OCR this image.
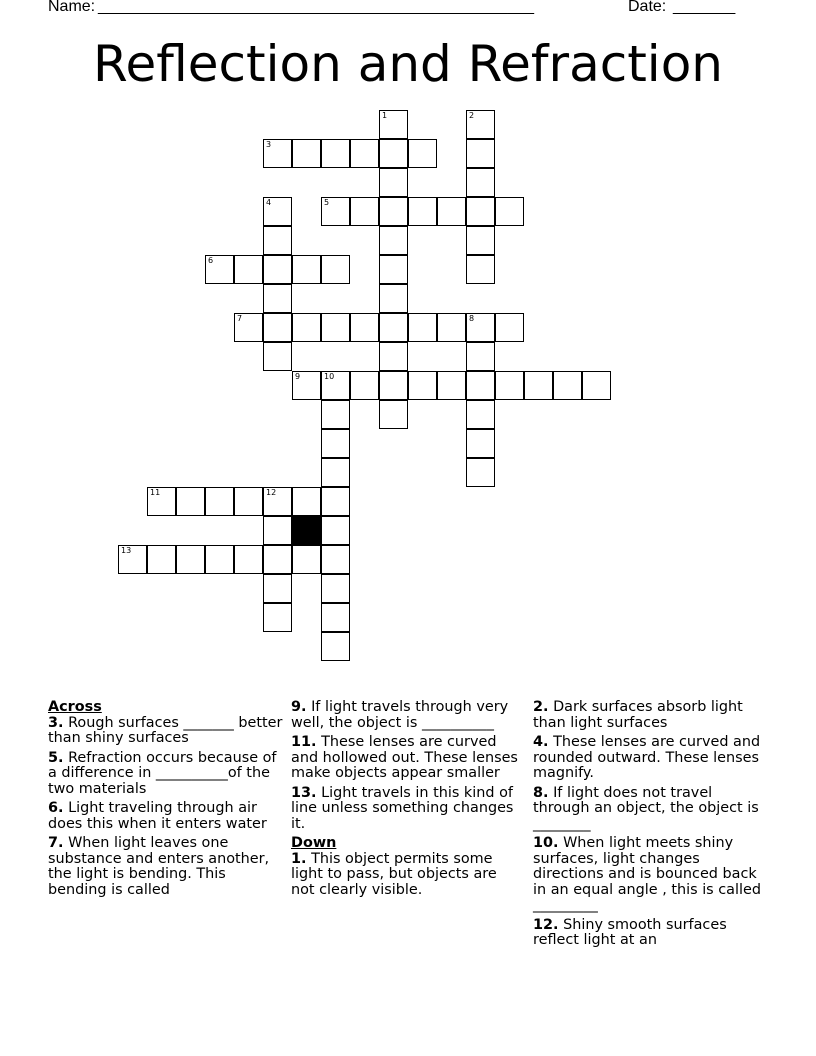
Name: _________________________________________________	Date: _______
Reflection and Refraction
3
5
6
7	8
9	10
11	12
13
1	2
4

Across

3. Rough surfaces _______ better than shiny surfaces

5. Refraction occurs because of a difference in __________of the two materials

6. Light traveling through air does this when it enters water

7. When light leaves one substance and enters another, the light is bending. This bending is called

9. If light travels through very well, the object is __________

11. These lenses are curved and hollowed out. These lenses make objects appear smaller

13. Light travels in this kind of line unless something changes it.

Down

1. This object permits some light to pass, but objects are not clearly visible.

2. Dark surfaces absorb light than light surfaces

4. These lenses are curved and rounded outward. These lenses magnify.

8. If light does not travel through an object, the object is ________

10. When light meets shiny surfaces, light changes directions and is bounced back in an equal angle , this is called _________

12. Shiny smooth surfaces reflect light at an
